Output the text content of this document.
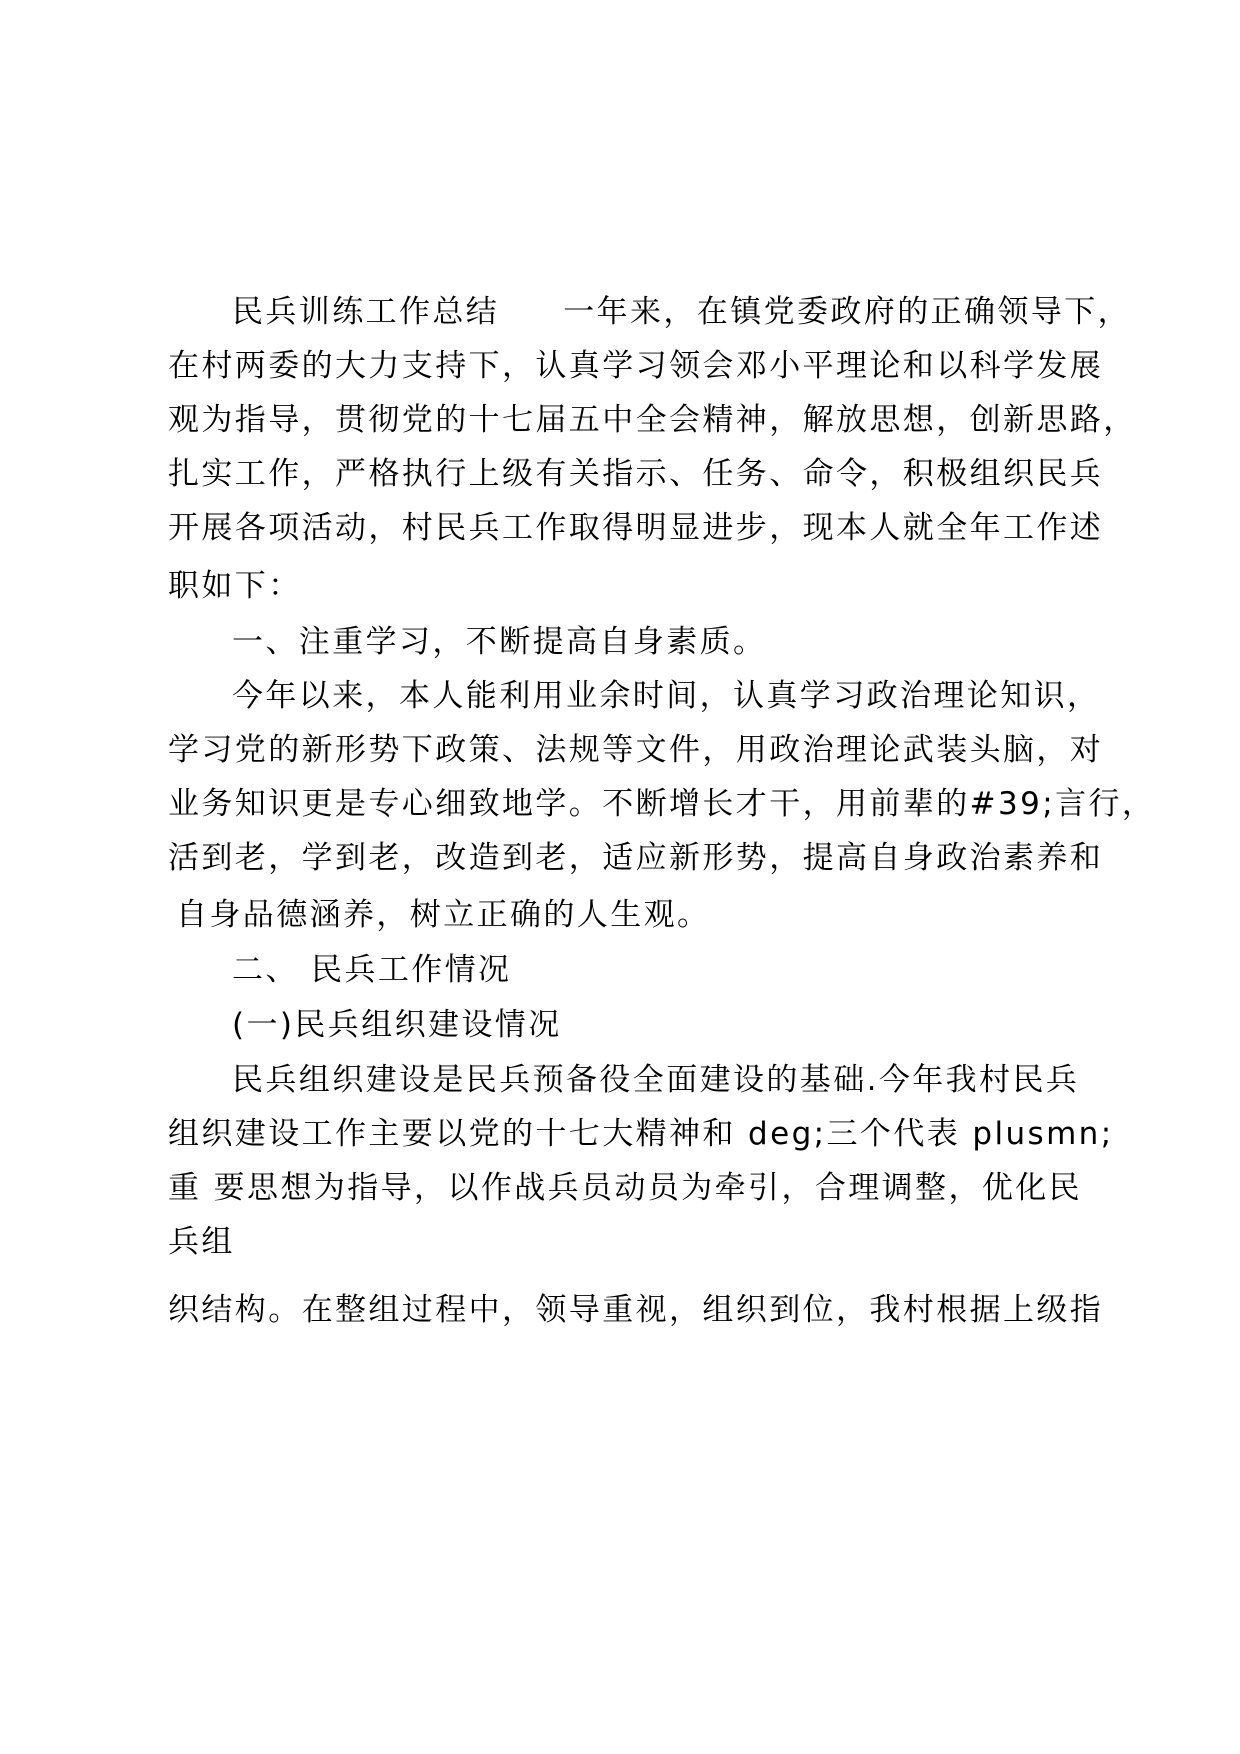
民兵训练工作总结 一年来，在镇党委政府的正确领导下，
在村两委的大力支持下，认真学习领会邓小平理论和以科学发展
观为指导，贯彻党的十七届五中全会精神，解放思想，创新思路，
扎实工作，严格执行上级有关指示、任务、命令，积极组织民兵
开展各项活动，村民兵工作取得明显进步，现本人就全年工作述
职如下：
一、注重学习，不断提高自身素质。
今年以来，本人能利用业余时间，认真学习政治理论知识，
学习党的新形势下政策、法规等文件，用政治理论武装头脑，对
业务知识更是专心细致地学。不断增长才干，用前辈的#39;言行，
活到老，学到老，改造到老，适应新形势，提高自身政治素养和
自身品德涵养，树立正确的人生观。
二、 民兵工作情况
(一)民兵组织建设情况
民兵组织建设是民兵预备役全面建设的基础.今年我村民兵
组织建设工作主要以党的十七大精神和 deg;三个代表 plusmn;
重 要思想为指导，以作战兵员动员为牵引，合理调整，优化民
兵组
织结构。在整组过程中，领导重视，组织到位，我村根据上级指
